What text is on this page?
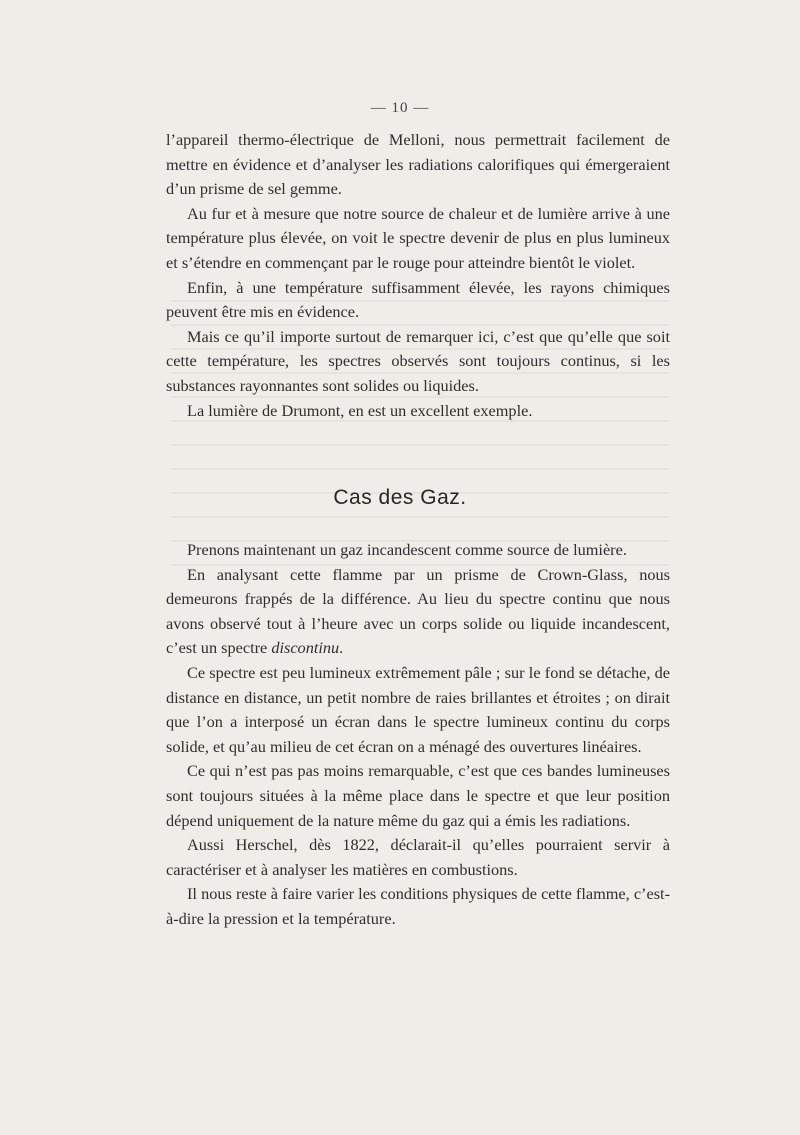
— 10 —

l’appareil thermo-électrique de Melloni, nous permettrait facilement de mettre en évidence et d’analyser les radiations calorifiques qui émergeraient d’un prisme de sel gemme.

Au fur et à mesure que notre source de chaleur et de lumière arrive à une température plus élevée, on voit le spectre devenir de plus en plus lumineux et s’étendre en commençant par le rouge pour atteindre bientôt le violet.

Enfin, à une température suffisamment élevée, les rayons chimiques peuvent être mis en évidence.

Mais ce qu’il importe surtout de remarquer ici, c’est que qu’elle que soit cette température, les spectres observés sont toujours continus, si les substances rayonnantes sont solides ou liquides.

La lumière de Drumont, en est un excellent exemple.

Cas des Gaz.

Prenons maintenant un gaz incandescent comme source de lumière.

En analysant cette flamme par un prisme de Crown-Glass, nous demeurons frappés de la différence. Au lieu du spectre continu que nous avons observé tout à l’heure avec un corps solide ou liquide incandescent, c’est un spectre discontinu.

Ce spectre est peu lumineux extrêmement pâle ; sur le fond se détache, de distance en distance, un petit nombre de raies brillantes et étroites ; on dirait que l’on a interposé un écran dans le spectre lumineux continu du corps solide, et qu’au milieu de cet écran on a ménagé des ouvertures linéaires.

Ce qui n’est pas pas moins remarquable, c’est que ces bandes lumineuses sont toujours situées à la même place dans le spectre et que leur position dépend uniquement de la nature même du gaz qui a émis les radiations.

Aussi Herschel, dès 1822, déclarait-il qu’elles pourraient servir à caractériser et à analyser les matières en combustions.

Il nous reste à faire varier les conditions physiques de cette flamme, c’est-à-dire la pression et la température.
